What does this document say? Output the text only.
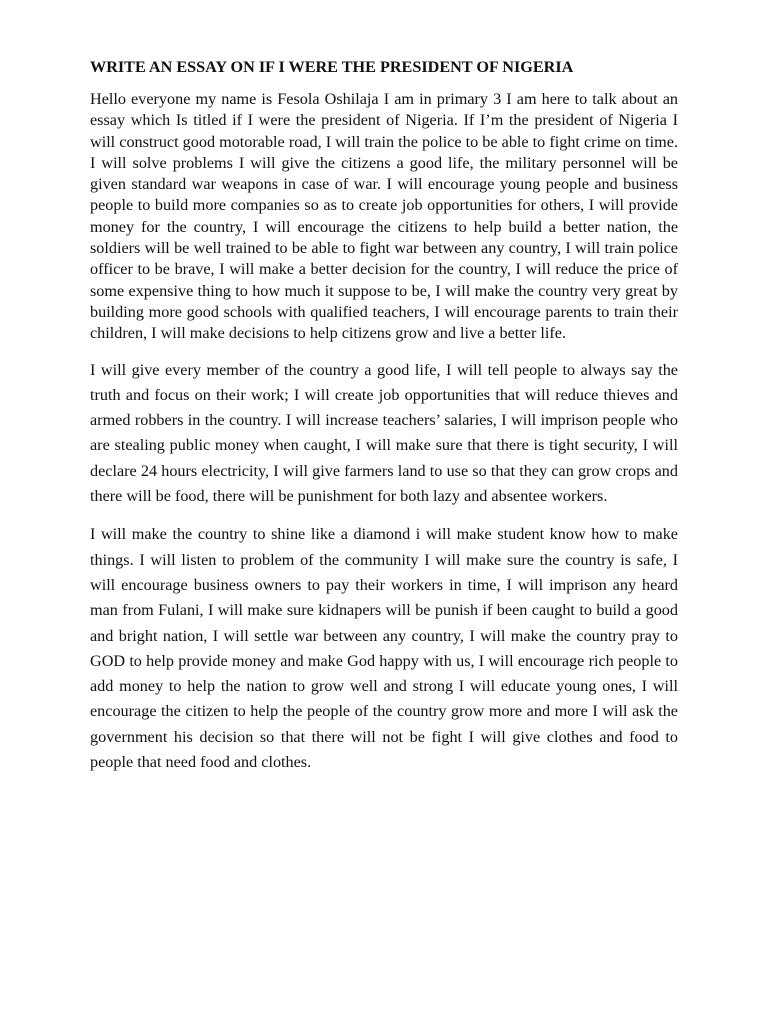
WRITE AN ESSAY ON IF I WERE THE PRESIDENT OF NIGERIA

Hello everyone my name is Fesola Oshilaja I am in primary 3 I am here to talk about an essay which Is titled if I were the president of Nigeria. If I’m the president of Nigeria I will construct good motorable road, I will train the police to be able to fight crime on time. I will solve problems I will give the citizens a good life, the military personnel will be given standard war weapons in case of war. I will encourage young people and business people to build more companies so as to create job opportunities for others, I will provide money for the country, I will encourage the citizens to help build a better nation, the soldiers will be well trained to be able to fight war between any country, I will train police officer to be brave, I will make a better decision for the country, I will reduce the price of some expensive thing to how much it suppose to be, I will make the country very great by building more good schools with qualified teachers, I will encourage parents to train their children, I will make decisions to help citizens grow and live a better life.

I will give every member of the country a good life, I will tell people to always say the truth and focus on their work; I will create job opportunities that will reduce thieves and armed robbers in the country. I will increase teachers’ salaries, I will imprison people who are stealing public money when caught, I will make sure that there is tight security, I will declare 24 hours electricity, I will give farmers land to use so that they can grow crops and there will be food, there will be punishment for both lazy and absentee workers.

I will make the country to shine like a diamond i will make student know how to make things. I will listen to problem of the community I will make sure the country is safe, I will encourage business owners to pay their workers in time, I will imprison any heard man from Fulani, I will make sure kidnapers will be punish if been caught to build a good and bright nation, I will settle war between any country, I will make the country pray to GOD to help provide money and make God happy with us, I will encourage rich people to add money to help the nation to grow well and strong I will educate young ones, I will encourage the citizen to help the people of the country grow more and more I will ask the government his decision so that there will not be fight I will give clothes and food to people that need food and clothes.
